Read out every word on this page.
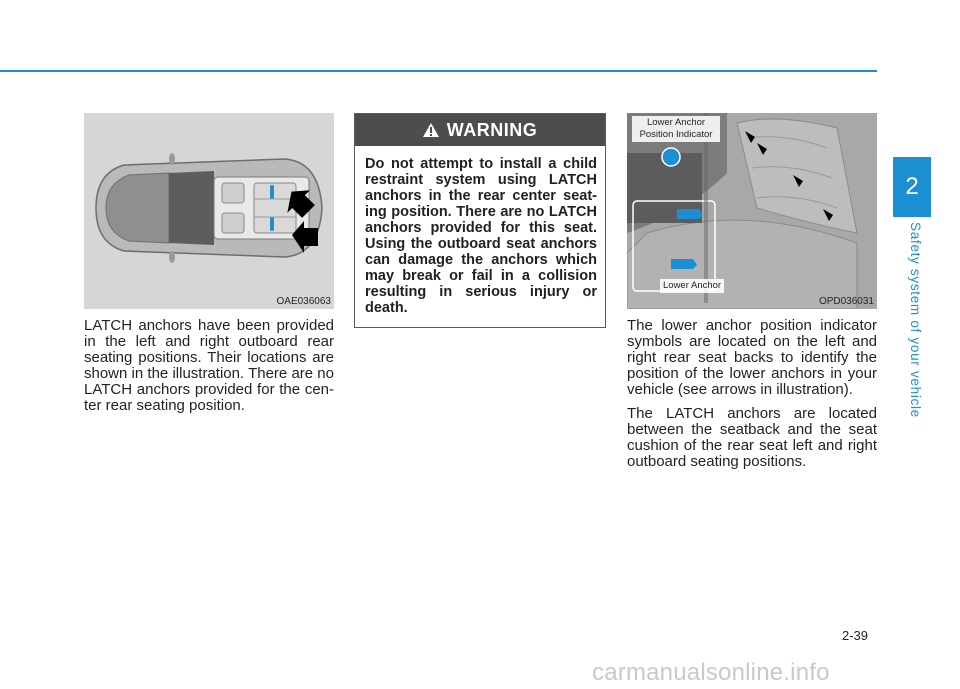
2
Safety system of your vehicle
OAE036063

LATCH anchors have been provided in the left and right outboard rear seating positions. Their locations are shown in the illustration. There are no LATCH anchors provided for the cen-ter rear seating position.

WARNING
Do not attempt to install a child restraint system using LATCH anchors in the rear center seat-ing position. There are no LATCH anchors provided for this seat. Using the outboard seat anchors can damage the anchors which may break or fail in a collision resulting in serious injury or death.
Lower Anchor
Position Indicator
Lower Anchor
OPD036031

The lower anchor position indicator symbols are located on the left and right rear seat backs to identify the position of the lower anchors in your vehicle (see arrows in illustration).

The LATCH anchors are located between the seatback and the seat cushion of the rear seat left and right outboard seating positions.

2-39
carmanualsonline.info
